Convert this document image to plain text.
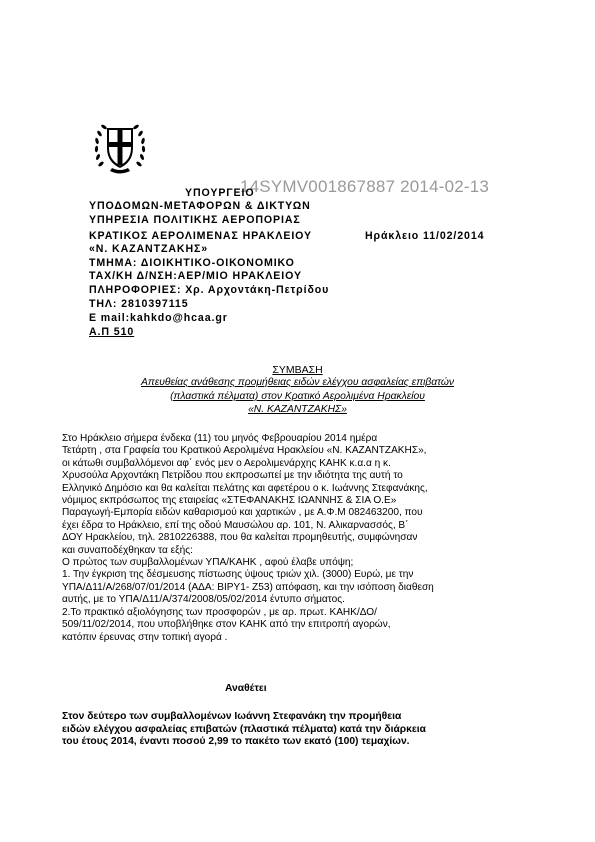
14SYMV001867887 2014-02-13
ΥΠΟΥΡΓΕΙΟ
ΥΠΟΔΟΜΩΝ-ΜΕΤΑΦΟΡΩΝ & ΔΙΚΤΥΩΝ
ΥΠΗΡΕΣΙΑ ΠΟΛΙΤΙΚΗΣ ΑΕΡΟΠΟΡΙΑΣ
ΚΡΑΤΙΚΟΣ ΑΕΡΟΛΙΜΕΝΑΣ ΗΡΑΚΛΕΙΟΥ	Ηράκλειο 11/02/2014
«Ν. ΚΑΖΑΝΤΖΑΚΗΣ»
ΤΜΗΜΑ: ΔΙΟΙΚΗΤΙΚΟ-ΟΙΚΟΝΟΜΙΚΟ
ΤΑΧ/ΚΗ Δ/ΝΣΗ:ΑΕΡ/ΜΙΟ ΗΡΑΚΛΕΙΟΥ
ΠΛΗΡΟΦΟΡΙΕΣ: Χρ. Αρχοντάκη-Πετρίδου
ΤΗΛ: 2810397115
E mail:kahkdo@hcaa.gr
Α.Π 510
ΣΥΜΒΑΣΗ
Απευθείας ανάθεσης προμήθειας ειδών ελέγχου ασφαλείας επιβατών
(πλαστικά πέλματα) στον Κρατικό Αερολιμένα Ηρακλείου
«Ν. ΚΑΖΑΝΤΖΑΚΗΣ»
Στο Ηράκλειο σήμερα ένδεκα (11) του μηνός Φεβρουαρίου 2014 ημέρα
Τετάρτη , στα Γραφεία του Κρατικού Αερολιμένα Ηρακλείου «Ν. ΚΑΖΑΝΤΖΑΚΗΣ»,
οι κάτωθι συμβαλλόμενοι αφ΄ ενός μεν ο Αερολιμενάρχης ΚΑΗΚ κ.α.α η κ.
Χρυσούλα Αρχοντάκη Πετρίδου που εκπροσωπεί με την ιδιότητα της αυτή το
Ελληνικό Δημόσιο και θα καλείται πελάτης και αφετέρου ο κ. Ιωάννης Στεφανάκης,
νόμιμος εκπρόσωπος της εταιρείας «ΣΤΕΦΑΝΑΚΗΣ ΙΩΑΝΝΗΣ & ΣΙΑ Ο.Ε»
Παραγωγή-Εμπορία ειδών καθαρισμού και χαρτικών , με Α.Φ.Μ 082463200, που
έχει έδρα το Ηράκλειο, επί της οδού Μαυσώλου αρ. 101, Ν. Αλικαρνασσός, Β΄
ΔΟΥ Ηρακλείου, τηλ. 2810226388, που θα καλείται προμηθευτής, συμφώνησαν
και συναποδέχθηκαν τα εξής:
Ο πρώτος των συμβαλλομένων ΥΠΑ/ΚΑΗΚ , αφού έλαβε υπόψη;
1. Την έγκριση της δέσμευσης πίστωσης ύψους τριών χιλ. (3000) Ευρώ, με την
ΥΠΑ/Δ11/Α/268/07/01/2014 (ΑΔΑ: ΒΙΡΥ1- Ζ53) απόφαση, και την ισόποση διαθεση
αυτής, με το ΥΠΑ/Δ11/Α/374/2008/05/02/2014 έντυπο σήματος.
2.Το πρακτικό αξιολόγησης των προσφορών , με αρ. πρωτ. ΚΑΗΚ/ΔΟ/
509/11/02/2014, που υποβλήθηκε στον ΚΑΗΚ από την επιτροπή αγορών,
κατόπιν έρευνας στην τοπική αγορά .
Αναθέτει
Στον δεύτερο των συμβαλλομένων Ιωάννη Στεφανάκη την προμήθεια
ειδών ελέγχου ασφαλείας επιβατών (πλαστικά πέλματα) κατά την διάρκεια
του έτους 2014, έναντι ποσού 2,99 το πακέτο των εκατό (100) τεμαχίων.
